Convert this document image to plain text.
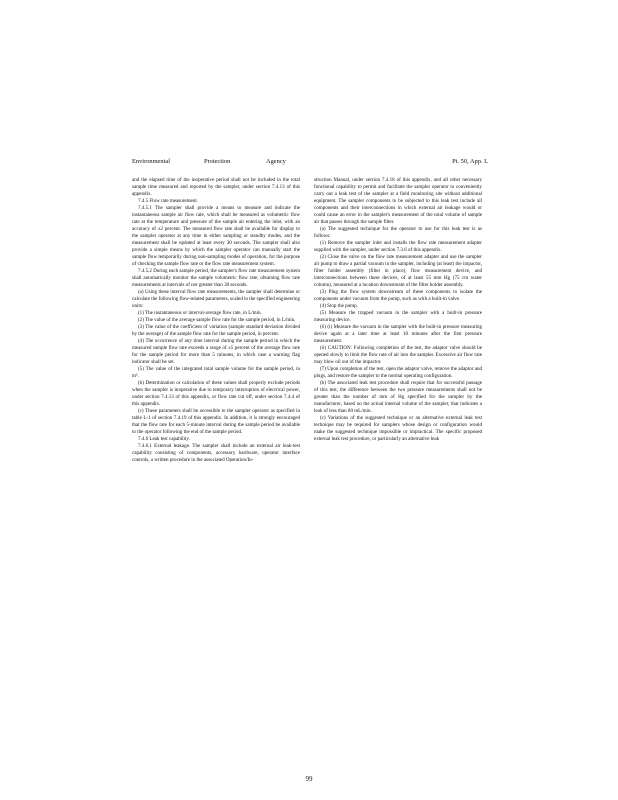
Environmental	Protection	Agency	Pt. 50, App. L

and the elapsed time of the inoperative period shall not be included in the total sample time measured and reported by the sampler, under section 7.4.13 of this appendix.

7.4.5 Flow rate measurement.

7.4.5.1 The sampler shall provide a means to measure and indicate the instantaneous sample air flow rate, which shall be measured as volumetric flow rate at the temperature and pressure of the sample air entering the inlet, with an accuracy of ±2 percent. The measured flow rate shall be available for display to the sampler operator at any time in either sampling or standby modes, and the measurement shall be updated at least every 30 seconds. The sampler shall also provide a simple means by which the sampler operator can manually start the sample flow temporarily during non-sampling modes of operation, for the purpose of checking the sample flow rate or the flow rate measurement system.

7.4.5.2 During each sample period, the sampler's flow rate measurement system shall automatically monitor the sample volumetric flow rate, obtaining flow rate measurements at intervals of not greater than 30 seconds.

(a) Using these interval flow rate measurements, the sampler shall determine or calculate the following flow-related parameters, scaled in the specified engineering units:

(1) The instantaneous or interval-average flow rate, in L/min.

(2) The value of the average sample flow rate for the sample period, in L/min.

(3) The value of the coefficient of variation (sample standard deviation divided by the average) of the sample flow rate for the sample period, in percent.

(4) The occurrence of any time interval during the sample period in which the measured sample flow rate exceeds a range of ±5 percent of the average flow rate for the sample period for more than 5 minutes, in which case a warning flag indicator shall be set.

(5) The value of the integrated total sample volume for the sample period, in m³.

(b) Determination or calculation of these values shall properly exclude periods when the sampler is inoperative due to temporary interruption of electrical power, under section 7.4.13 of this appendix, or flow rate cut off, under section 7.4.4 of this appendix.

(c) These parameters shall be accessible to the sampler operator as specified in table L-1 of section 7.4.19 of this appendix. In addition, it is strongly encouraged that the flow rate for each 5-minute interval during the sample period be available to the operator following the end of the sample period.

7.4.6 Leak test capability.

7.4.6.1 External leakage. The sampler shall include an external air leak-test capability consisting of components, accessory hardware, operator interface controls, a written procedure in the associated Operation/In-

struction Manual, under section 7.4.18 of this appendix, and all other necessary functional capability to permit and facilitate the sampler operator to conveniently carry out a leak test of the sampler at a field monitoring site without additional equipment. The sampler components to be subjected to this leak test include all components and their interconnections in which external air leakage would or could cause an error in the sampler's measurement of the total volume of sample air that passes through the sample filter.

(a) The suggested technique for the operator to use for this leak test is as follows:

(1) Remove the sampler inlet and installs the flow rate measurement adapter supplied with the sampler, under section 7.3.6 of this appendix.

(2) Close the valve on the flow rate measurement adapter and use the sampler air pump to draw a partial vacuum in the sampler, including (at least) the impactor, filter holder assembly (filter in place), flow measurement device, and interconnections between these devices, of at least 55 mm Hg (75 cm water column), measured at a location downstream of the filter holder assembly.

(3) Plug the flow system downstream of these components to isolate the components under vacuum from the pump, such as with a built-in valve.

(4) Stop the pump.

(5) Measure the trapped vacuum in the sampler with a built-in pressure measuring device.

(6) (i) Measure the vacuum in the sampler with the built-in pressure measuring device again at a later time at least 10 minutes after the first pressure measurement.

(ii) CAUTION: Following completion of the test, the adaptor valve should be opened slowly to limit the flow rate of air into the sampler. Excessive air flow rate may blow oil out of the impactor.

(7) Upon completion of the test, open the adaptor valve, remove the adaptor and plugs, and restore the sampler to the normal operating configuration.

(b) The associated leak test procedure shall require that for successful passage of this test, the difference between the two pressure measurements shall not be greater than the number of mm of Hg specified for the sampler by the manufacturer, based on the actual internal volume of the sampler, that indicates a leak of less than 80 mL/min.

(c) Variations of the suggested technique or an alternative external leak test technique may be required for samplers whose design or configuration would make the suggested technique impossible or impractical. The specific proposed external leak test procedure, or particularly an alternative leak

99
